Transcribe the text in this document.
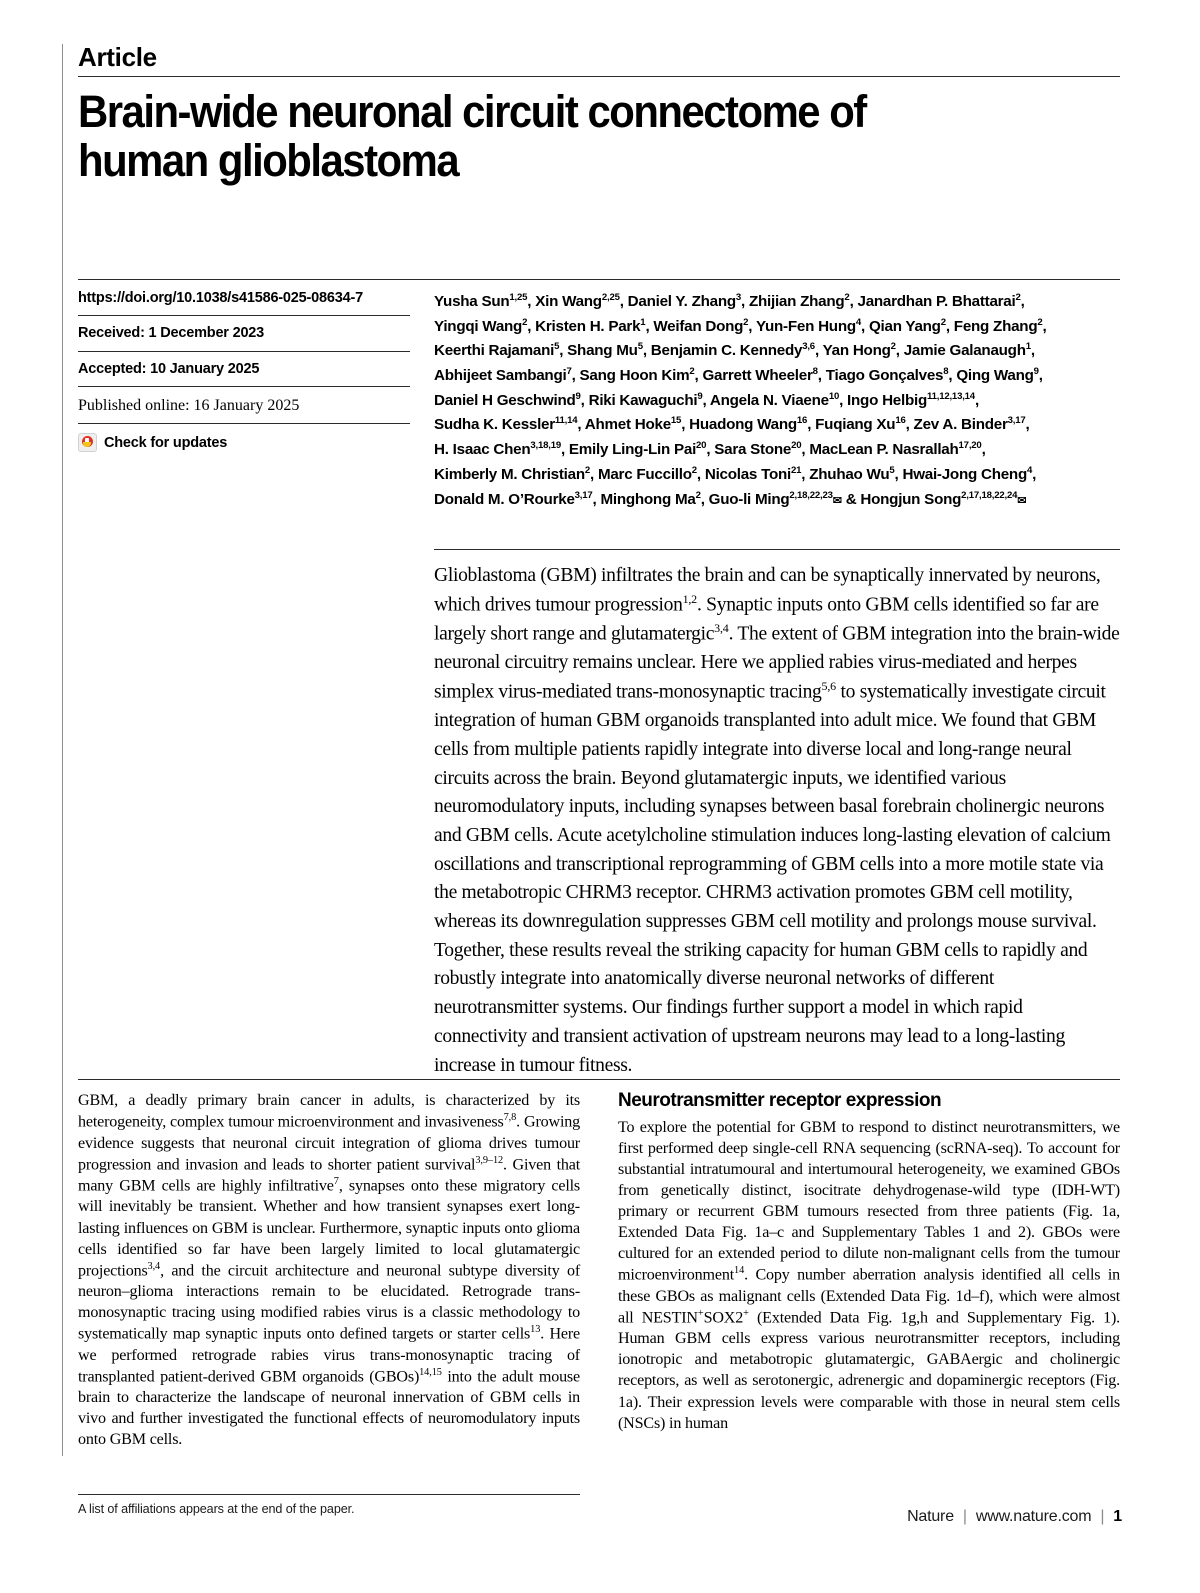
Article
Brain-wide neuronal circuit connectome of
human glioblastoma
https://doi.org/10.1038/s41586-025-08634-7
Received: 1 December 2023
Accepted: 10 January 2025
Published online: 16 January 2025
Check for updates
Yusha Sun$^{1,25}$, Xin Wang$^{2,25}$, Daniel Y. Zhang$^3$, Zhijian Zhang$^2$, Janardhan P. Bhattarai$^2$,
Yingqi Wang$^2$, Kristen H. Park$^1$, Weifan Dong$^2$, Yun-Fen Hung$^4$, Qian Yang$^2$, Feng Zhang$^2$,
Keerthi Rajamani$^5$, Shang Mu$^5$, Benjamin C. Kennedy$^{3,6}$, Yan Hong$^2$, Jamie Galanaugh$^1$,
Abhijeet Sambangi$^7$, Sang Hoon Kim$^2$, Garrett Wheeler$^8$, Tiago Gonçalves$^8$, Qing Wang$^9$,
Daniel H Geschwind$^9$, Riki Kawaguchi$^9$, Angela N. Viaene$^{10}$, Ingo Helbig$^{11,12,13,14}$,
Sudha K. Kessler$^{11,14}$, Ahmet Hoke$^{15}$, Huadong Wang$^{16}$, Fuqiang Xu$^{16}$, Zev A. Binder$^{3,17}$,
H. Isaac Chen$^{3,18,19}$, Emily Ling-Lin Pai$^{20}$, Sara Stone$^{20}$, MacLean P. Nasrallah$^{17,20}$,
Kimberly M. Christian$^2$, Marc Fuccillo$^2$, Nicolas Toni$^{21}$, Zhuhao Wu$^5$, Hwai-Jong Cheng$^4$,
Donald M. O’Rourke$^{3,17}$, Minghong Ma$^2$, Guo-li Ming$^{2,18,22,23}$✉ & Hongjun Song$^{2,17,18,22,24}$✉
Glioblastoma (GBM) infiltrates the brain and can be synaptically innervated by neurons, which drives tumour progression$^{1,2}$. Synaptic inputs onto GBM cells identified so far are largely short range and glutamatergic$^{3,4}$. The extent of GBM integration into the brain-wide neuronal circuitry remains unclear. Here we applied rabies virus-mediated and herpes simplex virus-mediated trans-monosynaptic tracing$^{5,6}$ to systematically investigate circuit integration of human GBM organoids transplanted into adult mice. We found that GBM cells from multiple patients rapidly integrate into diverse local and long-range neural circuits across the brain. Beyond glutamatergic inputs, we identified various neuromodulatory inputs, including synapses between basal forebrain cholinergic neurons and GBM cells. Acute acetylcholine stimulation induces long-lasting elevation of calcium oscillations and transcriptional reprogramming of GBM cells into a more motile state via the metabotropic CHRM3 receptor. CHRM3 activation promotes GBM cell motility, whereas its downregulation suppresses GBM cell motility and prolongs mouse survival. Together, these results reveal the striking capacity for human GBM cells to rapidly and robustly integrate into anatomically diverse neuronal networks of different neurotransmitter systems. Our findings further support a model in which rapid connectivity and transient activation of upstream neurons may lead to a long-lasting increase in tumour fitness.

GBM, a deadly primary brain cancer in adults, is characterized by its heterogeneity, complex tumour microenvironment and invasiveness$^{7,8}$. Growing evidence suggests that neuronal circuit integration of glioma drives tumour progression and invasion and leads to shorter patient survival$^{3,9-12}$. Given that many GBM cells are highly infiltrative$^7$, synapses onto these migratory cells will inevitably be transient. Whether and how transient synapses exert long-lasting influences on GBM is unclear. Furthermore, synaptic inputs onto glioma cells identified so far have been largely limited to local glutamatergic projections$^{3,4}$, and the circuit architecture and neuronal subtype diversity of neuron–glioma interactions remain to be elucidated. Retrograde trans-monosynaptic tracing using modified rabies virus is a classic methodology to systematically map synaptic inputs onto defined targets or starter cells$^{13}$. Here we performed retrograde rabies virus trans-monosynaptic tracing of transplanted patient-derived GBM organoids (GBOs)$^{14,15}$ into the adult mouse brain to characterize the landscape of neuronal innervation of GBM cells in vivo and further investigated the functional effects of neuromodulatory inputs onto GBM cells.

Neurotransmitter receptor expression

To explore the potential for GBM to respond to distinct neurotransmitters, we first performed deep single-cell RNA sequencing (scRNA-seq). To account for substantial intratumoural and intertumoural heterogeneity, we examined GBOs from genetically distinct, isocitrate dehydrogenase-wild type (IDH-WT) primary or recurrent GBM tumours resected from three patients (Fig. 1a, Extended Data Fig. 1a–c and Supplementary Tables 1 and 2). GBOs were cultured for an extended period to dilute non-malignant cells from the tumour microenvironment$^{14}$. Copy number aberration analysis identified all cells in these GBOs as malignant cells (Extended Data Fig. 1d–f), which were almost all NESTIN+SOX2+ (Extended Data Fig. 1g,h and Supplementary Fig. 1). Human GBM cells express various neurotransmitter receptors, including ionotropic and metabotropic glutamatergic, GABAergic and cholinergic receptors, as well as serotonergic, adrenergic and dopaminergic receptors (Fig. 1a). Their expression levels were comparable with those in neural stem cells (NSCs) in human

A list of affiliations appears at the end of the paper.	Nature | www.nature.com | 1
